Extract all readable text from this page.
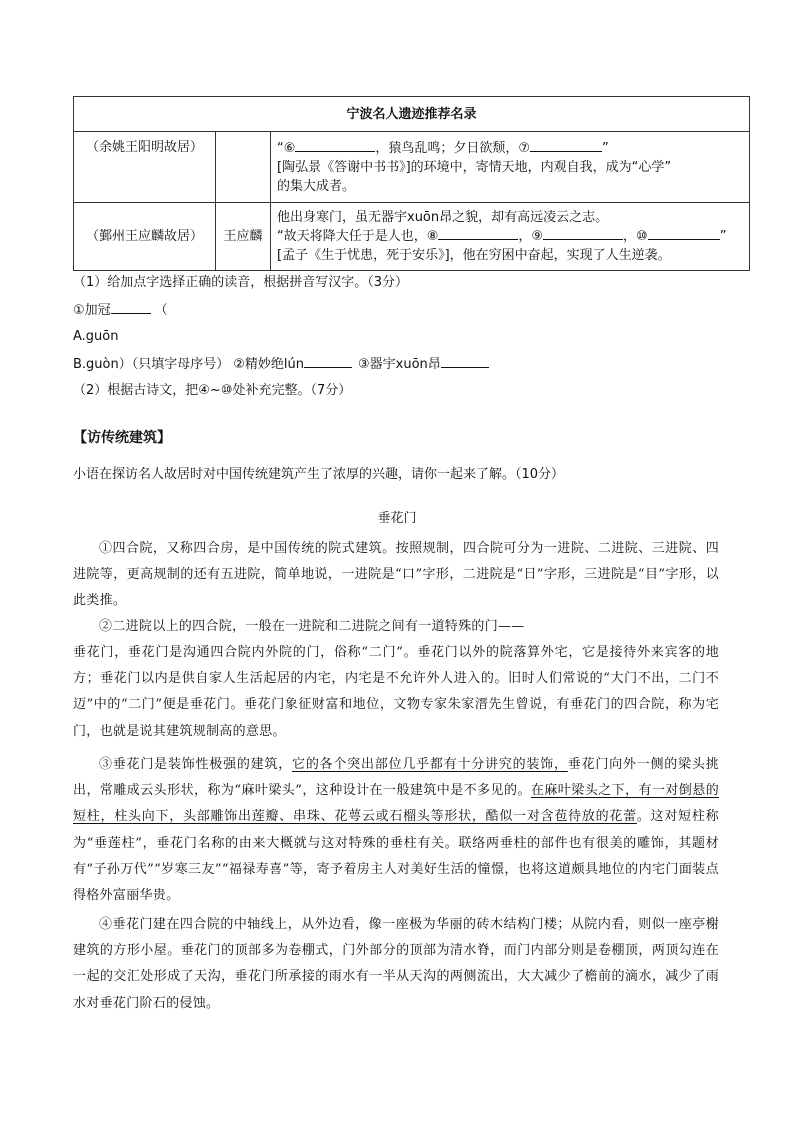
宁波名人遗迹推荐名录		
（余姚王阳明故居）		“⑥ ，猿鸟乱鸣；夕日欲颓，⑦ ”
[陶弘景《答谢中书书》]的环境中，寄情天地，内观自我，成为“心学”
的集大成者。

（鄞州王应麟故居）	王应麟	他出身寒门，虽无器宇xuōn昂之貌，却有高远凌云之志。
“故天将降大任于是人也，⑧ ，⑨ ，⑩ ”
[孟子《生于忧患，死于安乐》]，他在穷困中奋起，实现了人生逆袭。
（1）给加点字选择正确的读音，根据拼音写汉字。（3分）
①加冠	（
A.guōn
B.guòn）（只填字母序号） ②精妙绝lún	③器宇xuōn昂
（2）根据古诗文，把④~⑩处补充完整。（7分）
【访传统建筑】
小语在探访名人故居时对中国传统建筑产生了浓厚的兴趣，请你一起来了解。（10分）
垂花门
①四合院，又称四合房，是中国传统的院式建筑。按照规制，四合院可分为一进院、二进院、三进院、四进院等，更高规制的还有五进院，简单地说，一进院是“口”字形，二进院是“日”字形，三进院是“目”字形，以此类推。
②二进院以上的四合院，一般在一进院和二进院之间有一道特殊的门——
垂花门，垂花门是沟通四合院内外院的门，俗称“二门”。垂花门以外的院落算外宅，它是接待外来宾客的地方；垂花门以内是供自家人生活起居的内宅，内宅是不允许外人进入的。旧时人们常说的“大门不出，二门不迈”中的“二门”便是垂花门。垂花门象征财富和地位，文物专家朱家溍先生曾说，有垂花门的四合院，称为宅门，也就是说其建筑规制高的意思。
③垂花门是装饰性极强的建筑，它的各个突出部位几乎都有十分讲究的装饰，垂花门向外一侧的梁头挑出，常雕成云头形状，称为“麻叶梁头”，这种设计在一般建筑中是不多见的。在麻叶梁头之下，有一对倒悬的短柱，柱头向下，头部雕饰出莲瓣、串珠、花萼云或石榴头等形状，酷似一对含苞待放的花蕾。这对短柱称为“垂莲柱”，垂花门名称的由来大概就与这对特殊的垂柱有关。联络两垂柱的部件也有很美的雕饰，其题材有“子孙万代”“岁寒三友”“福禄寿喜”等，寄予着房主人对美好生活的憧憬，也将这道颇具地位的内宅门面装点得格外富丽华贵。
④垂花门建在四合院的中轴线上，从外边看，像一座极为华丽的砖木结构门楼；从院内看，则似一座亭榭建筑的方形小屋。垂花门的顶部多为卷棚式，门外部分的顶部为清水脊，而门内部分则是卷棚顶，两顶勾连在一起的交汇处形成了天沟，垂花门所承接的雨水有一半从天沟的两侧流出，大大减少了檐前的滴水，减少了雨水对垂花门阶石的侵蚀。
